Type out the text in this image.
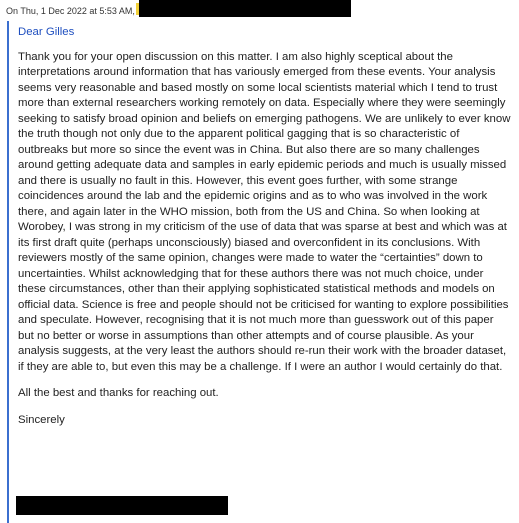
On Thu, 1 Dec 2022 at 5:53 AM,

Dear Gilles

Thank you for your open discussion on this matter. I am also highly sceptical about the interpretations around information that has variously emerged from these events. Your analysis seems very reasonable and based mostly on some local scientists material which I tend to trust more than external researchers working remotely on data. Especially where they were seemingly seeking to satisfy broad opinion and beliefs on emerging pathogens. We are unlikely to ever know the truth though not only due to the apparent political gagging that is so characteristic of outbreaks but more so since the event was in China. But also there are so many challenges around getting adequate data and samples in early epidemic periods and much is usually missed and there is usually no fault in this. However, this event goes further, with some strange coincidences around the lab and the epidemic origins and as to who was involved in the work there, and again later in the WHO mission, both from the US and China. So when looking at Worobey, I was strong in my criticism of the use of data that was sparse at best and which was at its first draft quite (perhaps unconsciously) biased and overconfident in its conclusions. With reviewers mostly of the same opinion, changes were made to water the “certainties” down to uncertainties. Whilst acknowledging that for these authors there was not much choice, under these circumstances, other than their applying sophisticated statistical methods and models on official data. Science is free and people should not be criticised for wanting to explore possibilities and speculate. However, recognising that it is not much more than guesswork out of this paper but no better or worse in assumptions than other attempts and of course plausible. As your analysis suggests, at the very least the authors should re-run their work with the broader dataset, if they are able to, but even this may be a challenge. If I were an author I would certainly do that.

All the best and thanks for reaching out.

Sincerely
